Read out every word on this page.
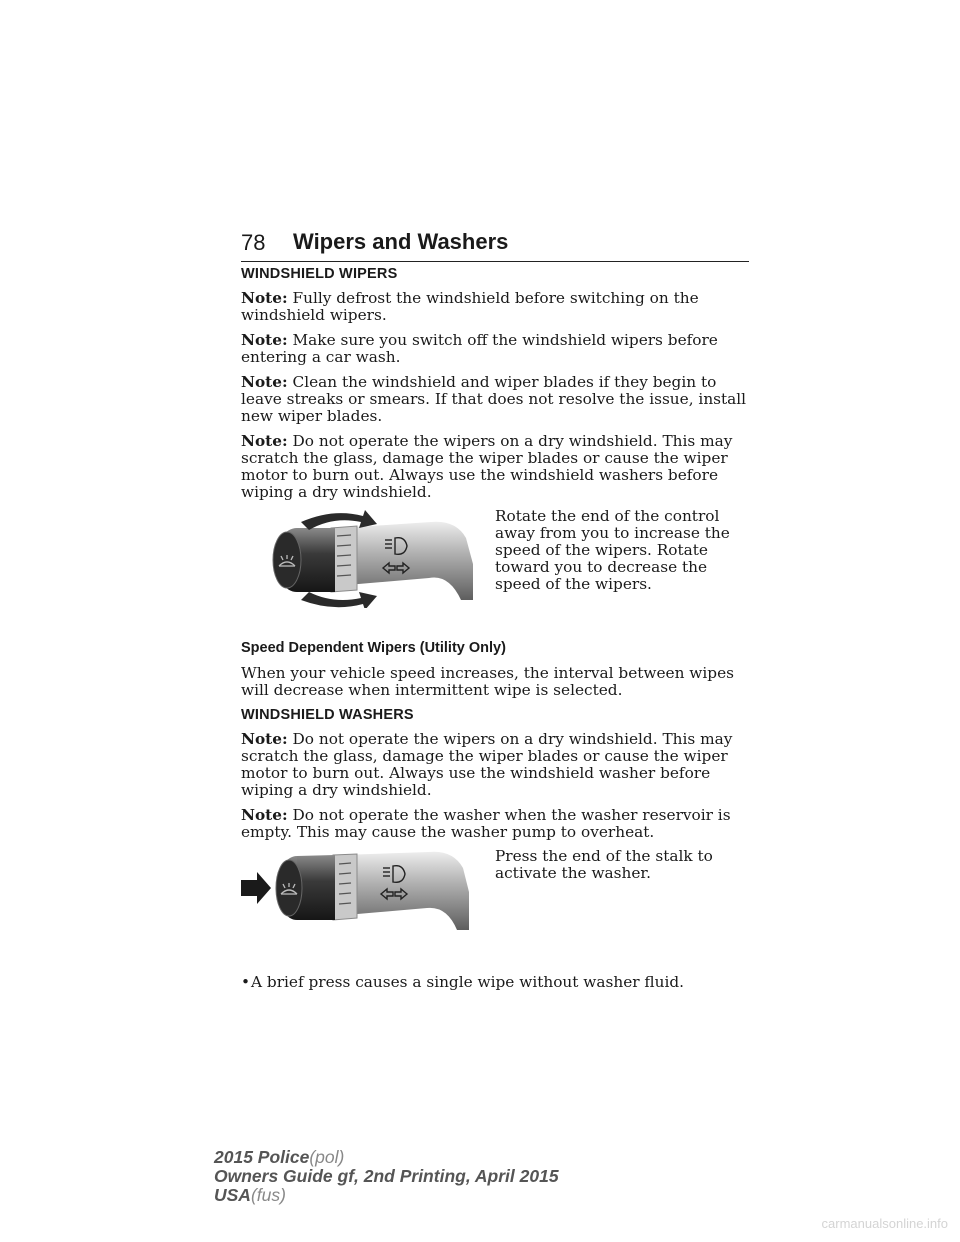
78 Wipers and Washers
WINDSHIELD WIPERS

Note: Fully defrost the windshield before switching on the windshield wipers.

Note: Make sure you switch off the windshield wipers before entering a car wash.

Note: Clean the windshield and wiper blades if they begin to leave streaks or smears. If that does not resolve the issue, install new wiper blades.

Note: Do not operate the wipers on a dry windshield. This may scratch the glass, damage the wiper blades or cause the wiper motor to burn out. Always use the windshield washers before wiping a dry windshield.

Rotate the end of the control away from you to increase the speed of the wipers. Rotate toward you to decrease the speed of the wipers.
Speed Dependent Wipers (Utility Only)

When your vehicle speed increases, the interval between wipes will decrease when intermittent wipe is selected.

WINDSHIELD WASHERS

Note: Do not operate the wipers on a dry windshield. This may scratch the glass, damage the wiper blades or cause the wiper motor to burn out. Always use the windshield washer before wiping a dry windshield.

Note: Do not operate the washer when the washer reservoir is empty. This may cause the washer pump to overheat.

Press the end of the stalk to activate the washer.
• A brief press causes a single wipe without washer fluid.
2015 Police(pol)
Owners Guide gf, 2nd Printing, April 2015
USA(fus)
carmanualsonline.info
